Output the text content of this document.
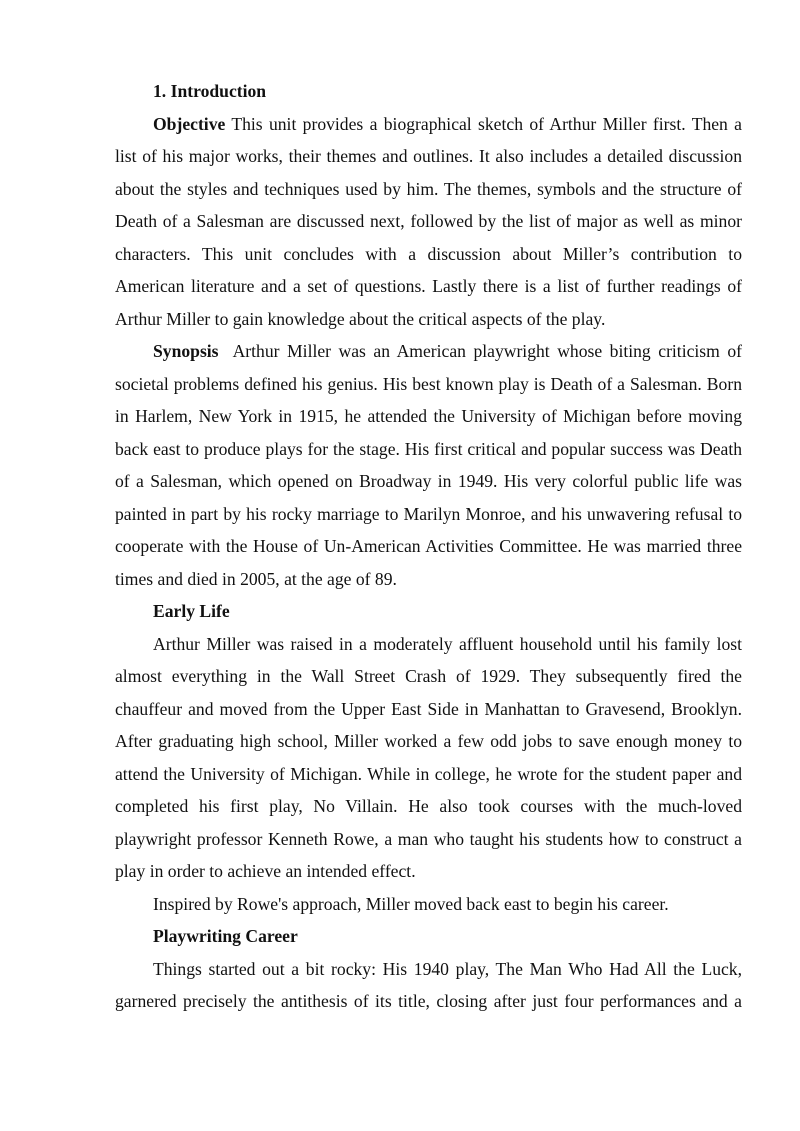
1. Introduction

Objective This unit provides a biographical sketch of Arthur Miller first. Then a list of his major works, their themes and outlines. It also includes a detailed discussion about the styles and techniques used by him. The themes, symbols and the structure of Death of a Salesman are discussed next, followed by the list of major as well as minor characters. This unit concludes with a discussion about Miller’s contribution to American literature and a set of questions. Lastly there is a list of further readings of Arthur Miller to gain knowledge about the critical aspects of the play.

Synopsis  Arthur Miller was an American playwright whose biting criticism of societal problems defined his genius. His best known play is Death of a Salesman. Born in Harlem, New York in 1915, he attended the University of Michigan before moving back east to produce plays for the stage. His first critical and popular success was Death of a Salesman, which opened on Broadway in 1949. His very colorful public life was painted in part by his rocky marriage to Marilyn Monroe, and his unwavering refusal to cooperate with the House of Un-American Activities Committee. He was married three times and died in 2005, at the age of 89.

Early Life

Arthur Miller was raised in a moderately affluent household until his family lost almost everything in the Wall Street Crash of 1929. They subsequently fired the chauffeur and moved from the Upper East Side in Manhattan to Gravesend, Brooklyn. After graduating high school, Miller worked a few odd jobs to save enough money to attend the University of Michigan. While in college, he wrote for the student paper and completed his first play, No Villain. He also took courses with the much-loved playwright professor Kenneth Rowe, a man who taught his students how to construct a play in order to achieve an intended effect.

Inspired by Rowe's approach, Miller moved back east to begin his career.

Playwriting Career

Things started out a bit rocky: His 1940 play, The Man Who Had All the Luck, garnered precisely the antithesis of its title, closing after just four performances and a
